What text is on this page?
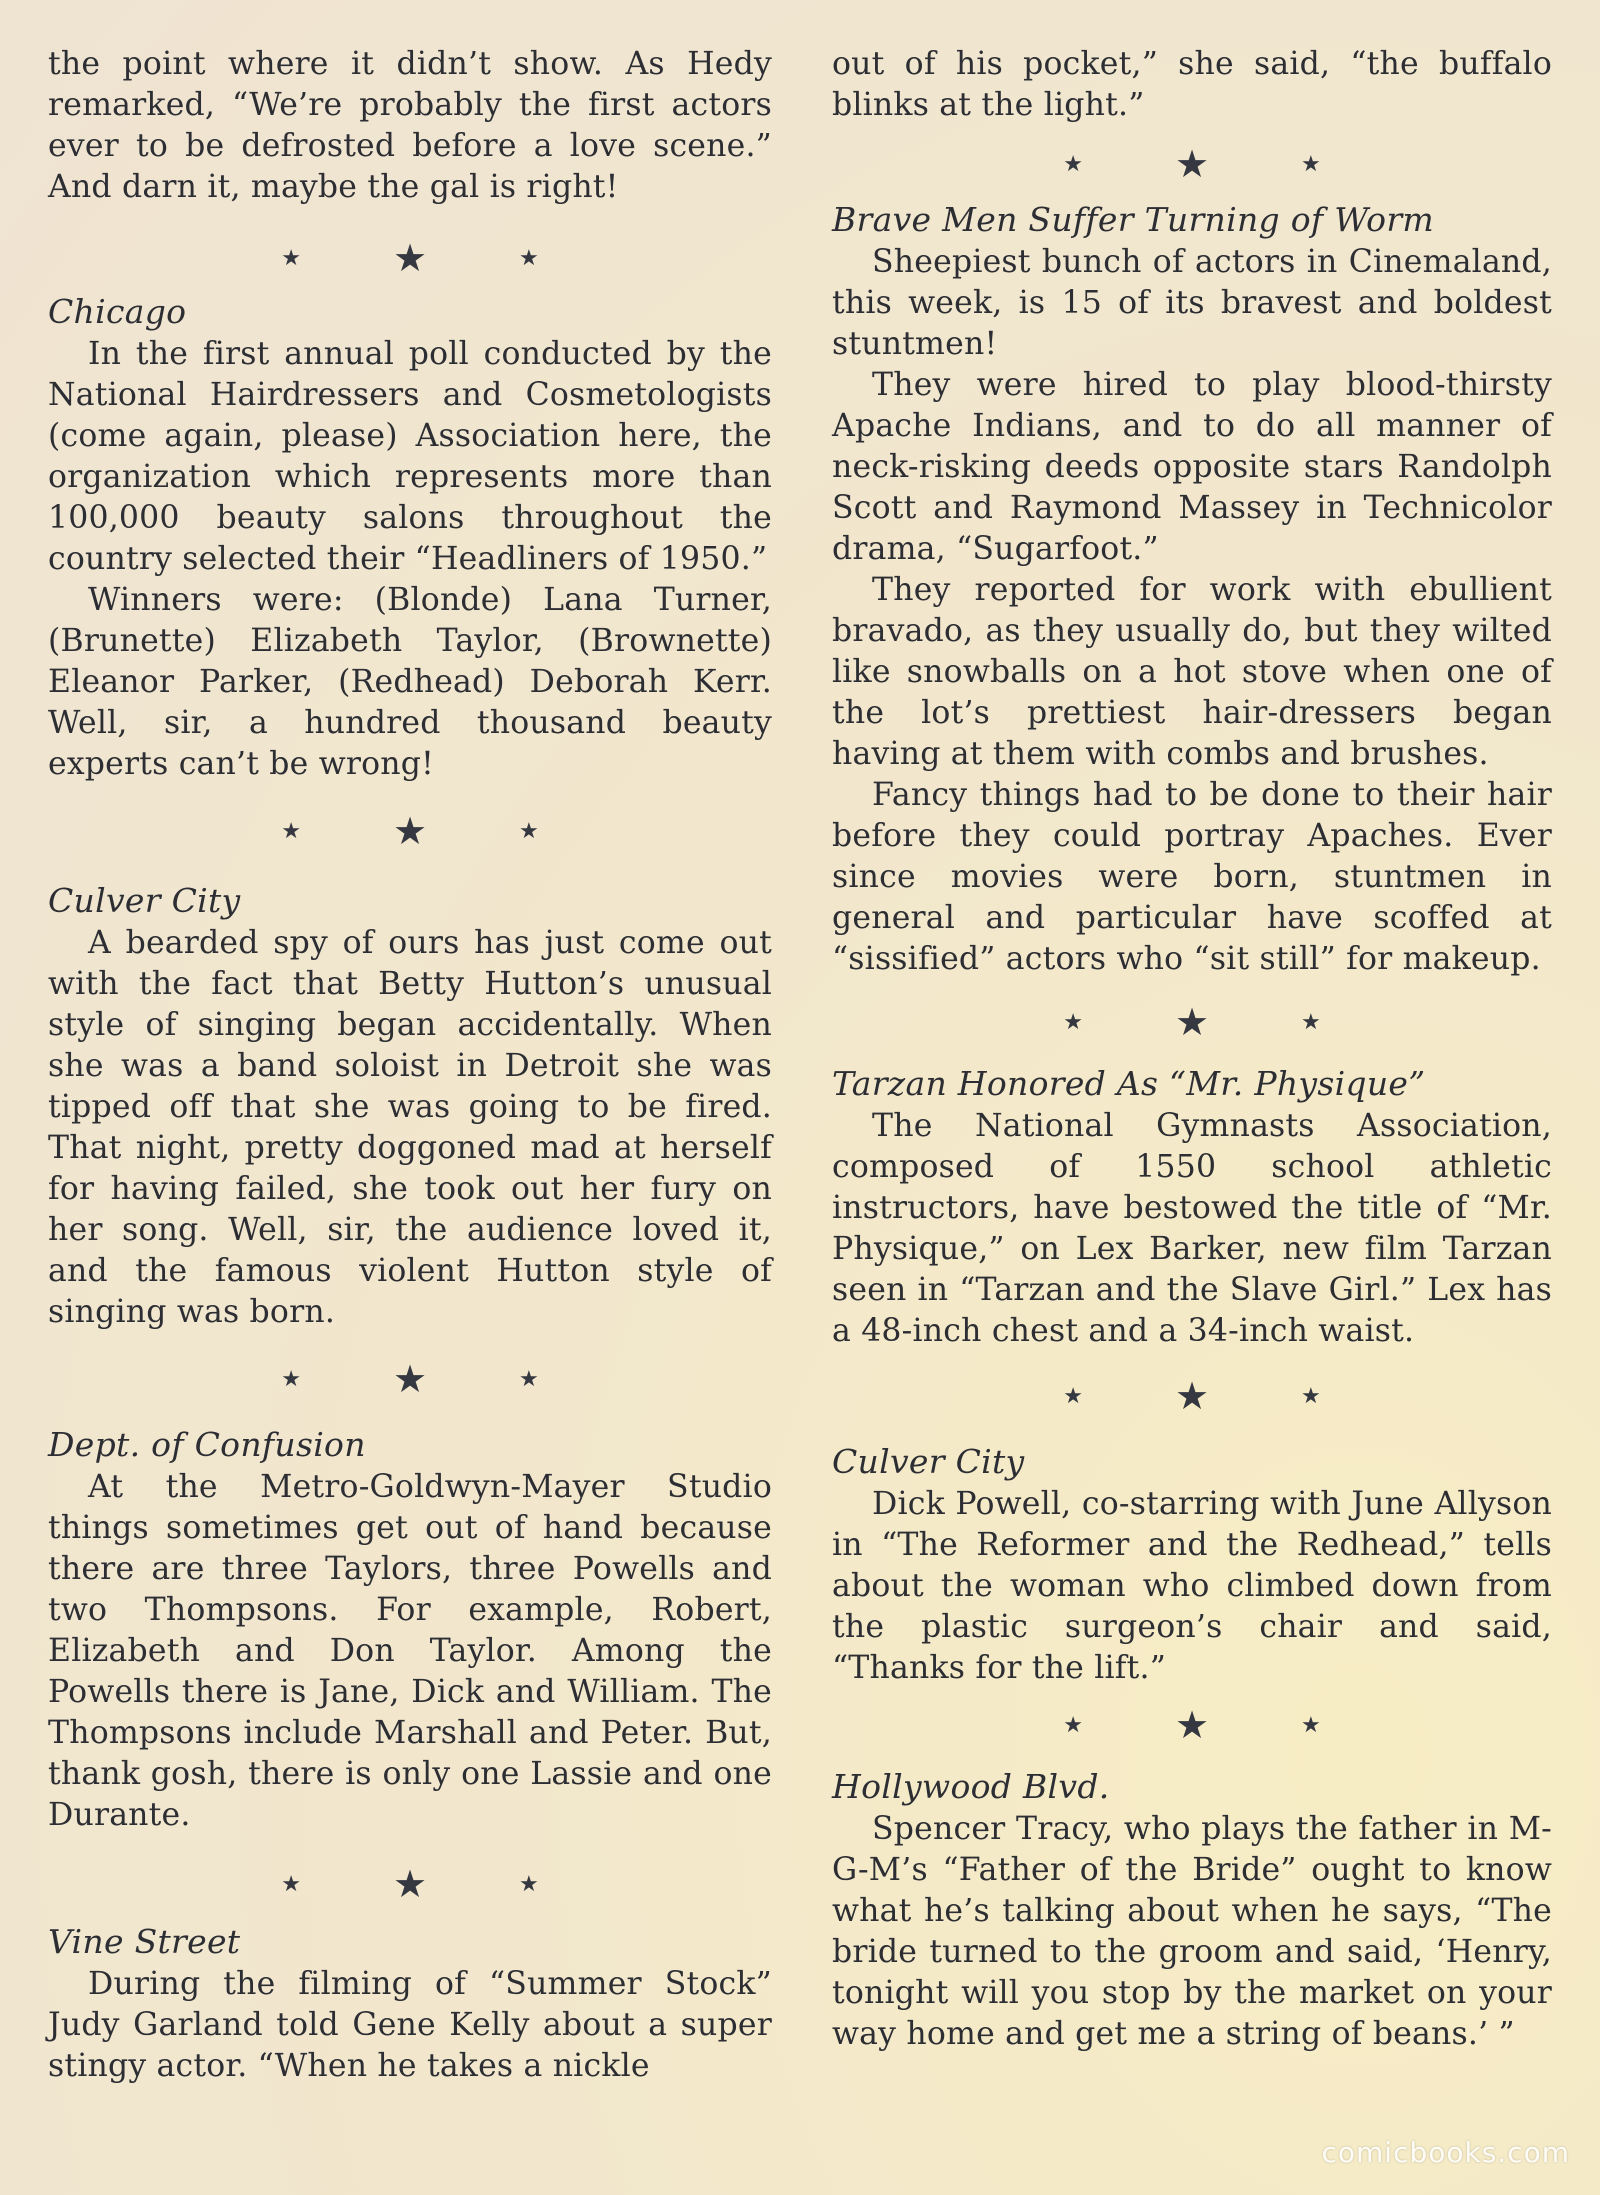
the point where it didn’t show. As Hedy remarked, “We’re probably the first actors ever to be defrosted before a love scene.” And darn it, maybe the gal is right!

★ ★	★
Chicago

In the first annual poll conducted by the National Hairdressers and Cosmetologists (come again, please) Association here, the organization which represents more than 100,000 beauty salons throughout the country selected their “Headliners of 1950.”

Winners were: (Blonde) Lana Turner, (Brunette) Elizabeth Taylor, (Brownette) Eleanor Parker, (Redhead) Deborah Kerr. Well, sir, a hundred thousand beauty experts can’t be wrong!

★ ★	★
Culver City

A bearded spy of ours has just come out with the fact that Betty Hutton’s unusual style of singing began accidentally. When she was a band soloist in Detroit she was tipped off that she was going to be fired. That night, pretty doggoned mad at herself for having failed, she took out her fury on her song. Well, sir, the audience loved it, and the famous violent Hutton style of singing was born.

★ ★	★
Dept. of Confusion

At the Metro-Goldwyn-Mayer Studio things sometimes get out of hand because there are three Taylors, three Powells and two Thompsons. For example, Robert, Elizabeth and Don Taylor. Among the Powells there is Jane, Dick and William. The Thompsons include Marshall and Peter. But, thank gosh, there is only one Lassie and one Durante.

★ ★	★
Vine Street

During the filming of “Summer Stock” Judy Garland told Gene Kelly about a super stingy actor. “When he takes a nickle

out of his pocket,” she said, “the buffalo blinks at the light.”

★ ★	★
Brave Men Suffer Turning of Worm

Sheepiest bunch of actors in Cinemaland, this week, is 15 of its bravest and boldest stuntmen!

They were hired to play blood-thirsty Apache Indians, and to do all manner of neck-risking deeds opposite stars Randolph Scott and Raymond Massey in Technicolor drama, “Sugarfoot.”

They reported for work with ebullient bravado, as they usually do, but they wilted like snowballs on a hot stove when one of the lot’s prettiest hair-dressers began having at them with combs and brushes.

Fancy things had to be done to their hair before they could portray Apaches. Ever since movies were born, stuntmen in general and particular have scoffed at “sissified” actors who “sit still” for makeup.

★ ★	★
Tarzan Honored As “Mr. Physique”

The National Gymnasts Association, composed of 1550 school athletic instructors, have bestowed the title of “Mr. Physique,” on Lex Barker, new film Tarzan seen in “Tarzan and the Slave Girl.” Lex has a 48-inch chest and a 34-inch waist.

★ ★	★
Culver City

Dick Powell, co-starring with June Allyson in “The Reformer and the Redhead,” tells about the woman who climbed down from the plastic surgeon’s chair and said, “Thanks for the lift.”

★ ★	★
Hollywood Blvd.

Spencer Tracy, who plays the father in M-G-M’s “Father of the Bride” ought to know what he’s talking about when he says, “The bride turned to the groom and said, ‘Henry, tonight will you stop by the market on your way home and get me a string of beans.’ ”

comicbooks.com
